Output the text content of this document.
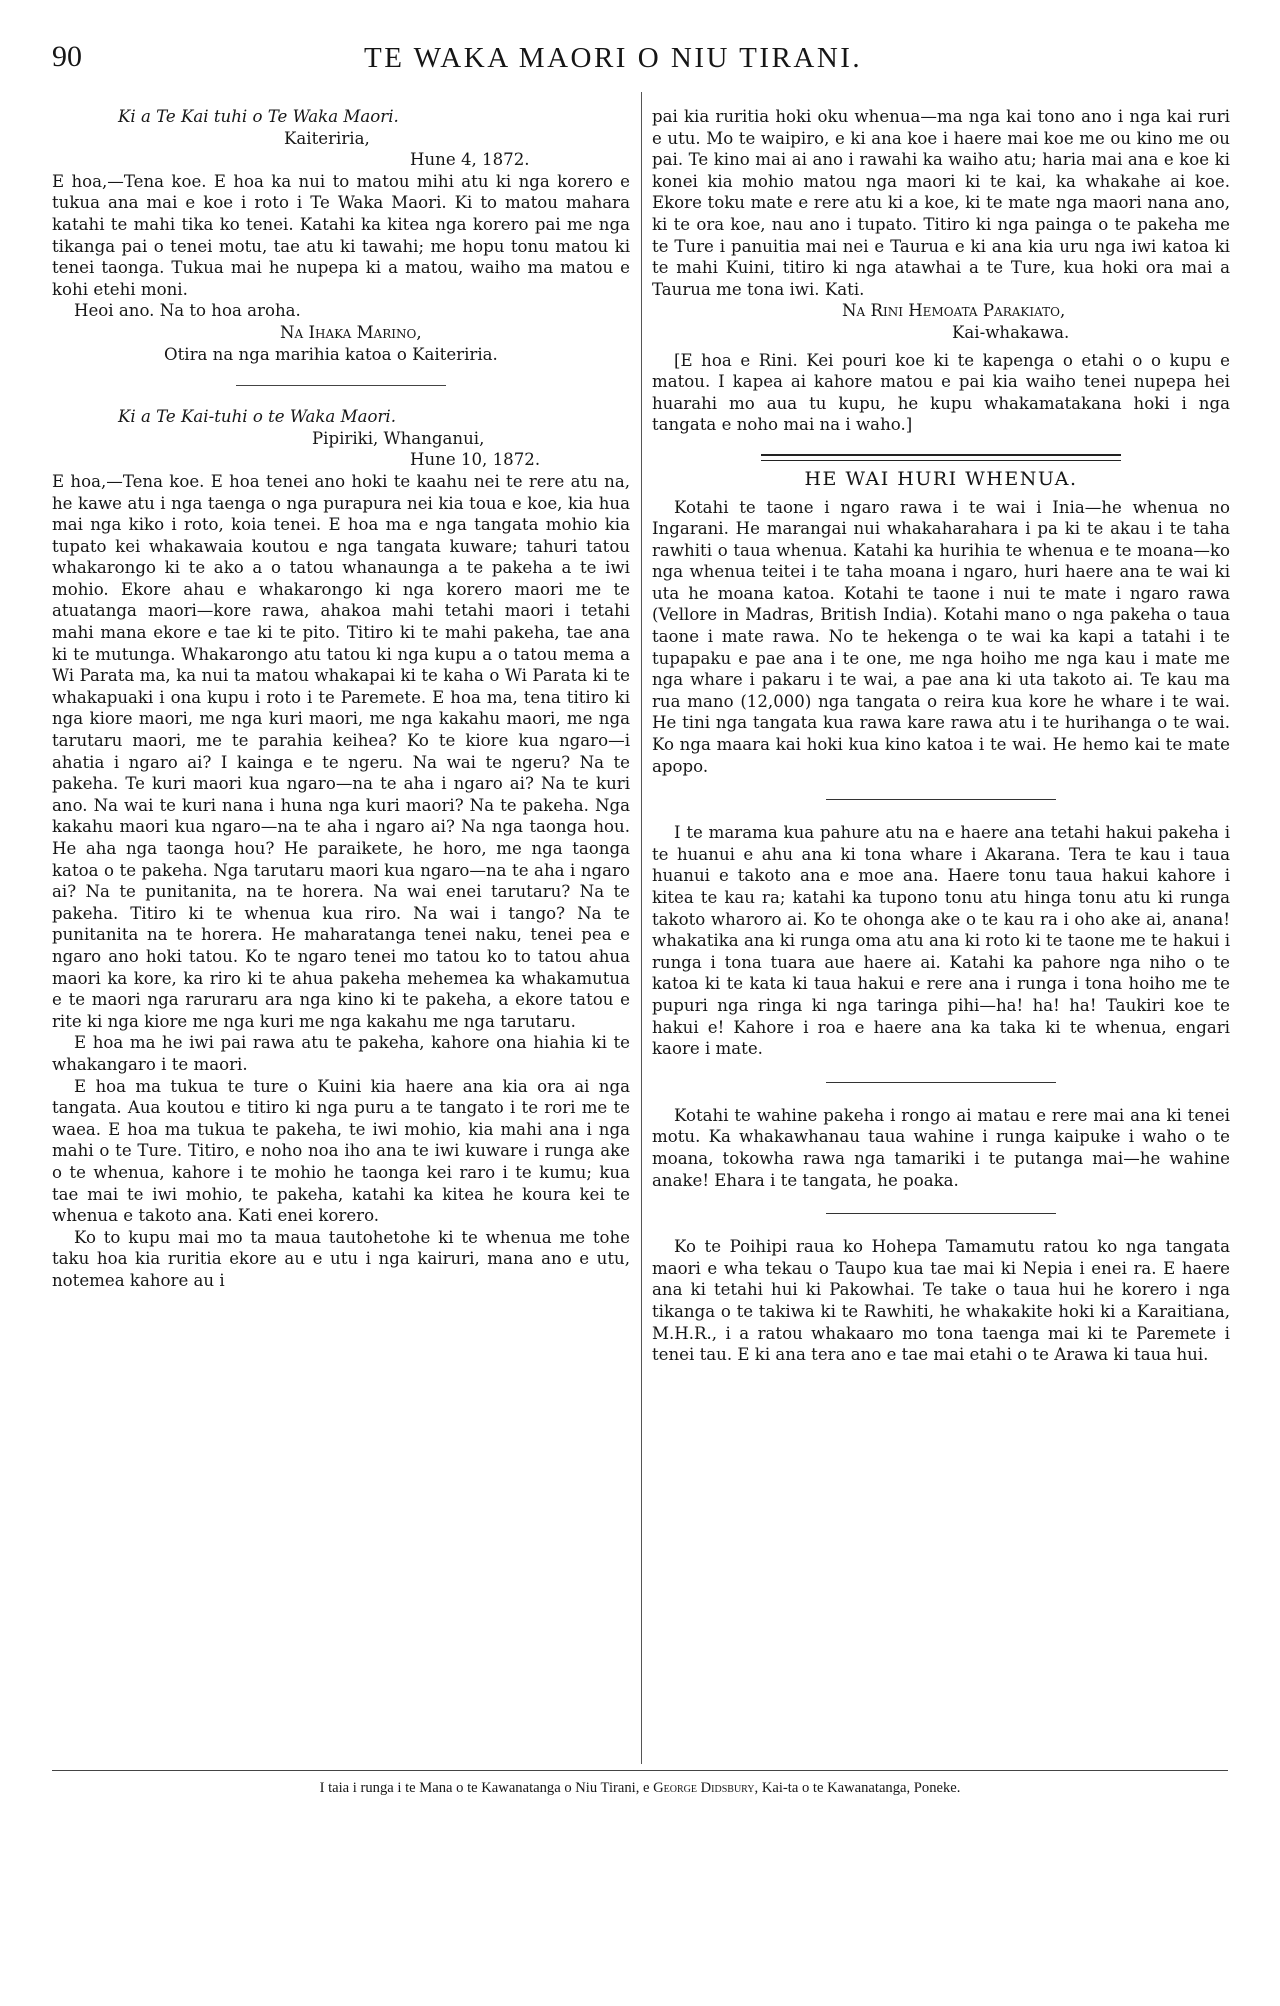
90	TE WAKA MAORI O NIU TIRANI.

Ki a Te Kai tuhi o Te Waka Maori.

Kaiteriria,

Hune 4, 1872.

E hoa,—Tena koe. E hoa ka nui to matou mihi atu ki nga korero e tukua ana mai e koe i roto i Te Waka Maori. Ki to matou mahara katahi te mahi tika ko tenei. Katahi ka kitea nga korero pai me nga tikanga pai o tenei motu, tae atu ki tawahi; me hopu tonu matou ki tenei taonga. Tukua mai he nupepa ki a matou, waiho ma matou e kohi etehi moni.

Heoi ano. Na to hoa aroha.

Na Ihaka Marino,

Otira na nga marihia katoa o Kaiteriria.

Ki a Te Kai-tuhi o te Waka Maori.

Pipiriki, Whanganui,

Hune 10, 1872.

E hoa,—Tena koe. E hoa tenei ano hoki te kaahu nei te rere atu na, he kawe atu i nga taenga o nga purapura nei kia toua e koe, kia hua mai nga kiko i roto, koia tenei. E hoa ma e nga tangata mohio kia tupato kei whakawaia koutou e nga tangata kuware; tahuri tatou whakarongo ki te ako a o tatou whanaunga a te pakeha a te iwi mohio. Ekore ahau e whakarongo ki nga korero maori me te atuatanga maori—kore rawa, ahakoa mahi tetahi maori i tetahi mahi mana ekore e tae ki te pito. Titiro ki te mahi pakeha, tae ana ki te mutunga. Whakarongo atu tatou ki nga kupu a o tatou mema a Wi Parata ma, ka nui ta matou whakapai ki te kaha o Wi Parata ki te whakapuaki i ona kupu i roto i te Paremete. E hoa ma, tena titiro ki nga kiore maori, me nga kuri maori, me nga kakahu maori, me nga tarutaru maori, me te parahia keihea? Ko te kiore kua ngaro—i ahatia i ngaro ai? I kainga e te ngeru. Na wai te ngeru? Na te pakeha. Te kuri maori kua ngaro—na te aha i ngaro ai? Na te kuri ano. Na wai te kuri nana i huna nga kuri maori? Na te pakeha. Nga kakahu maori kua ngaro—na te aha i ngaro ai? Na nga taonga hou. He aha nga taonga hou? He paraikete, he horo, me nga taonga katoa o te pakeha. Nga tarutaru maori kua ngaro—na te aha i ngaro ai? Na te punitanita, na te horera. Na wai enei tarutaru? Na te pakeha. Titiro ki te whenua kua riro. Na wai i tango? Na te punitanita na te horera. He maharatanga tenei naku, tenei pea e ngaro ano hoki tatou. Ko te ngaro tenei mo tatou ko to tatou ahua maori ka kore, ka riro ki te ahua pakeha mehemea ka whakamutua e te maori nga raruraru ara nga kino ki te pakeha, a ekore tatou e rite ki nga kiore me nga kuri me nga kakahu me nga tarutaru.

E hoa ma he iwi pai rawa atu te pakeha, kahore ona hiahia ki te whakangaro i te maori.

E hoa ma tukua te ture o Kuini kia haere ana kia ora ai nga tangata. Aua koutou e titiro ki nga puru a te tangato i te rori me te waea. E hoa ma tukua te pakeha, te iwi mohio, kia mahi ana i nga mahi o te Ture. Titiro, e noho noa iho ana te iwi kuware i runga ake o te whenua, kahore i te mohio he taonga kei raro i te kumu; kua tae mai te iwi mohio, te pakeha, katahi ka kitea he koura kei te whenua e takoto ana. Kati enei korero.

Ko to kupu mai mo ta maua tautohetohe ki te whenua me tohe taku hoa kia ruritia ekore au e utu i nga kairuri, mana ano e utu, notemea kahore au i

pai kia ruritia hoki oku whenua—ma nga kai tono ano i nga kai ruri e utu. Mo te waipiro, e ki ana koe i haere mai koe me ou kino me ou pai. Te kino mai ai ano i rawahi ka waiho atu; haria mai ana e koe ki konei kia mohio matou nga maori ki te kai, ka whakahe ai koe. Ekore toku mate e rere atu ki a koe, ki te mate nga maori nana ano, ki te ora koe, nau ano i tupato. Titiro ki nga painga o te pakeha me te Ture i panuitia mai nei e Taurua e ki ana kia uru nga iwi katoa ki te mahi Kuini, titiro ki nga atawhai a te Ture, kua hoki ora mai a Taurua me tona iwi. Kati.

Na Rini Hemoata Parakiato,

Kai-whakawa.

[E hoa e Rini. Kei pouri koe ki te kapenga o etahi o o kupu e matou. I kapea ai kahore matou e pai kia waiho tenei nupepa hei huarahi mo aua tu kupu, he kupu whakamatakana hoki i nga tangata e noho mai na i waho.]

HE WAI HURI WHENUA.

Kotahi te taone i ngaro rawa i te wai i Inia—he whenua no Ingarani. He marangai nui whakaharahara i pa ki te akau i te taha rawhiti o taua whenua. Katahi ka hurihia te whenua e te moana—ko nga whenua teitei i te taha moana i ngaro, huri haere ana te wai ki uta he moana katoa. Kotahi te taone i nui te mate i ngaro rawa (Vellore in Madras, British India). Kotahi mano o nga pakeha o taua taone i mate rawa. No te hekenga o te wai ka kapi a tatahi i te tupapaku e pae ana i te one, me nga hoiho me nga kau i mate me nga whare i pakaru i te wai, a pae ana ki uta takoto ai. Te kau ma rua mano (12,000) nga tangata o reira kua kore he whare i te wai. He tini nga tangata kua rawa kare rawa atu i te hurihanga o te wai. Ko nga maara kai hoki kua kino katoa i te wai. He hemo kai te mate apopo.

I te marama kua pahure atu na e haere ana tetahi hakui pakeha i te huanui e ahu ana ki tona whare i Akarana. Tera te kau i taua huanui e takoto ana e moe ana. Haere tonu taua hakui kahore i kitea te kau ra; katahi ka tupono tonu atu hinga tonu atu ki runga takoto wharoro ai. Ko te ohonga ake o te kau ra i oho ake ai, anana! whakatika ana ki runga oma atu ana ki roto ki te taone me te hakui i runga i tona tuara aue haere ai. Katahi ka pahore nga niho o te katoa ki te kata ki taua hakui e rere ana i runga i tona hoiho me te pupuri nga ringa ki nga taringa pihi—ha! ha! ha! Taukiri koe te hakui e! Kahore i roa e haere ana ka taka ki te whenua, engari kaore i mate.

Kotahi te wahine pakeha i rongo ai matau e rere mai ana ki tenei motu. Ka whakawhanau taua wahine i runga kaipuke i waho o te moana, tokowha rawa nga tamariki i te putanga mai—he wahine anake! Ehara i te tangata, he poaka.

Ko te Poihipi raua ko Hohepa Tamamutu ratou ko nga tangata maori e wha tekau o Taupo kua tae mai ki Nepia i enei ra. E haere ana ki tetahi hui ki Pakowhai. Te take o taua hui he korero i nga tikanga o te takiwa ki te Rawhiti, he whakakite hoki ki a Karaitiana, M.H.R., i a ratou whakaaro mo tona taenga mai ki te Paremete i tenei tau. E ki ana tera ano e tae mai etahi o te Arawa ki taua hui.

I taia i runga i te Mana o te Kawanatanga o Niu Tirani, e George Didsbury, Kai-ta o te Kawanatanga, Poneke.
